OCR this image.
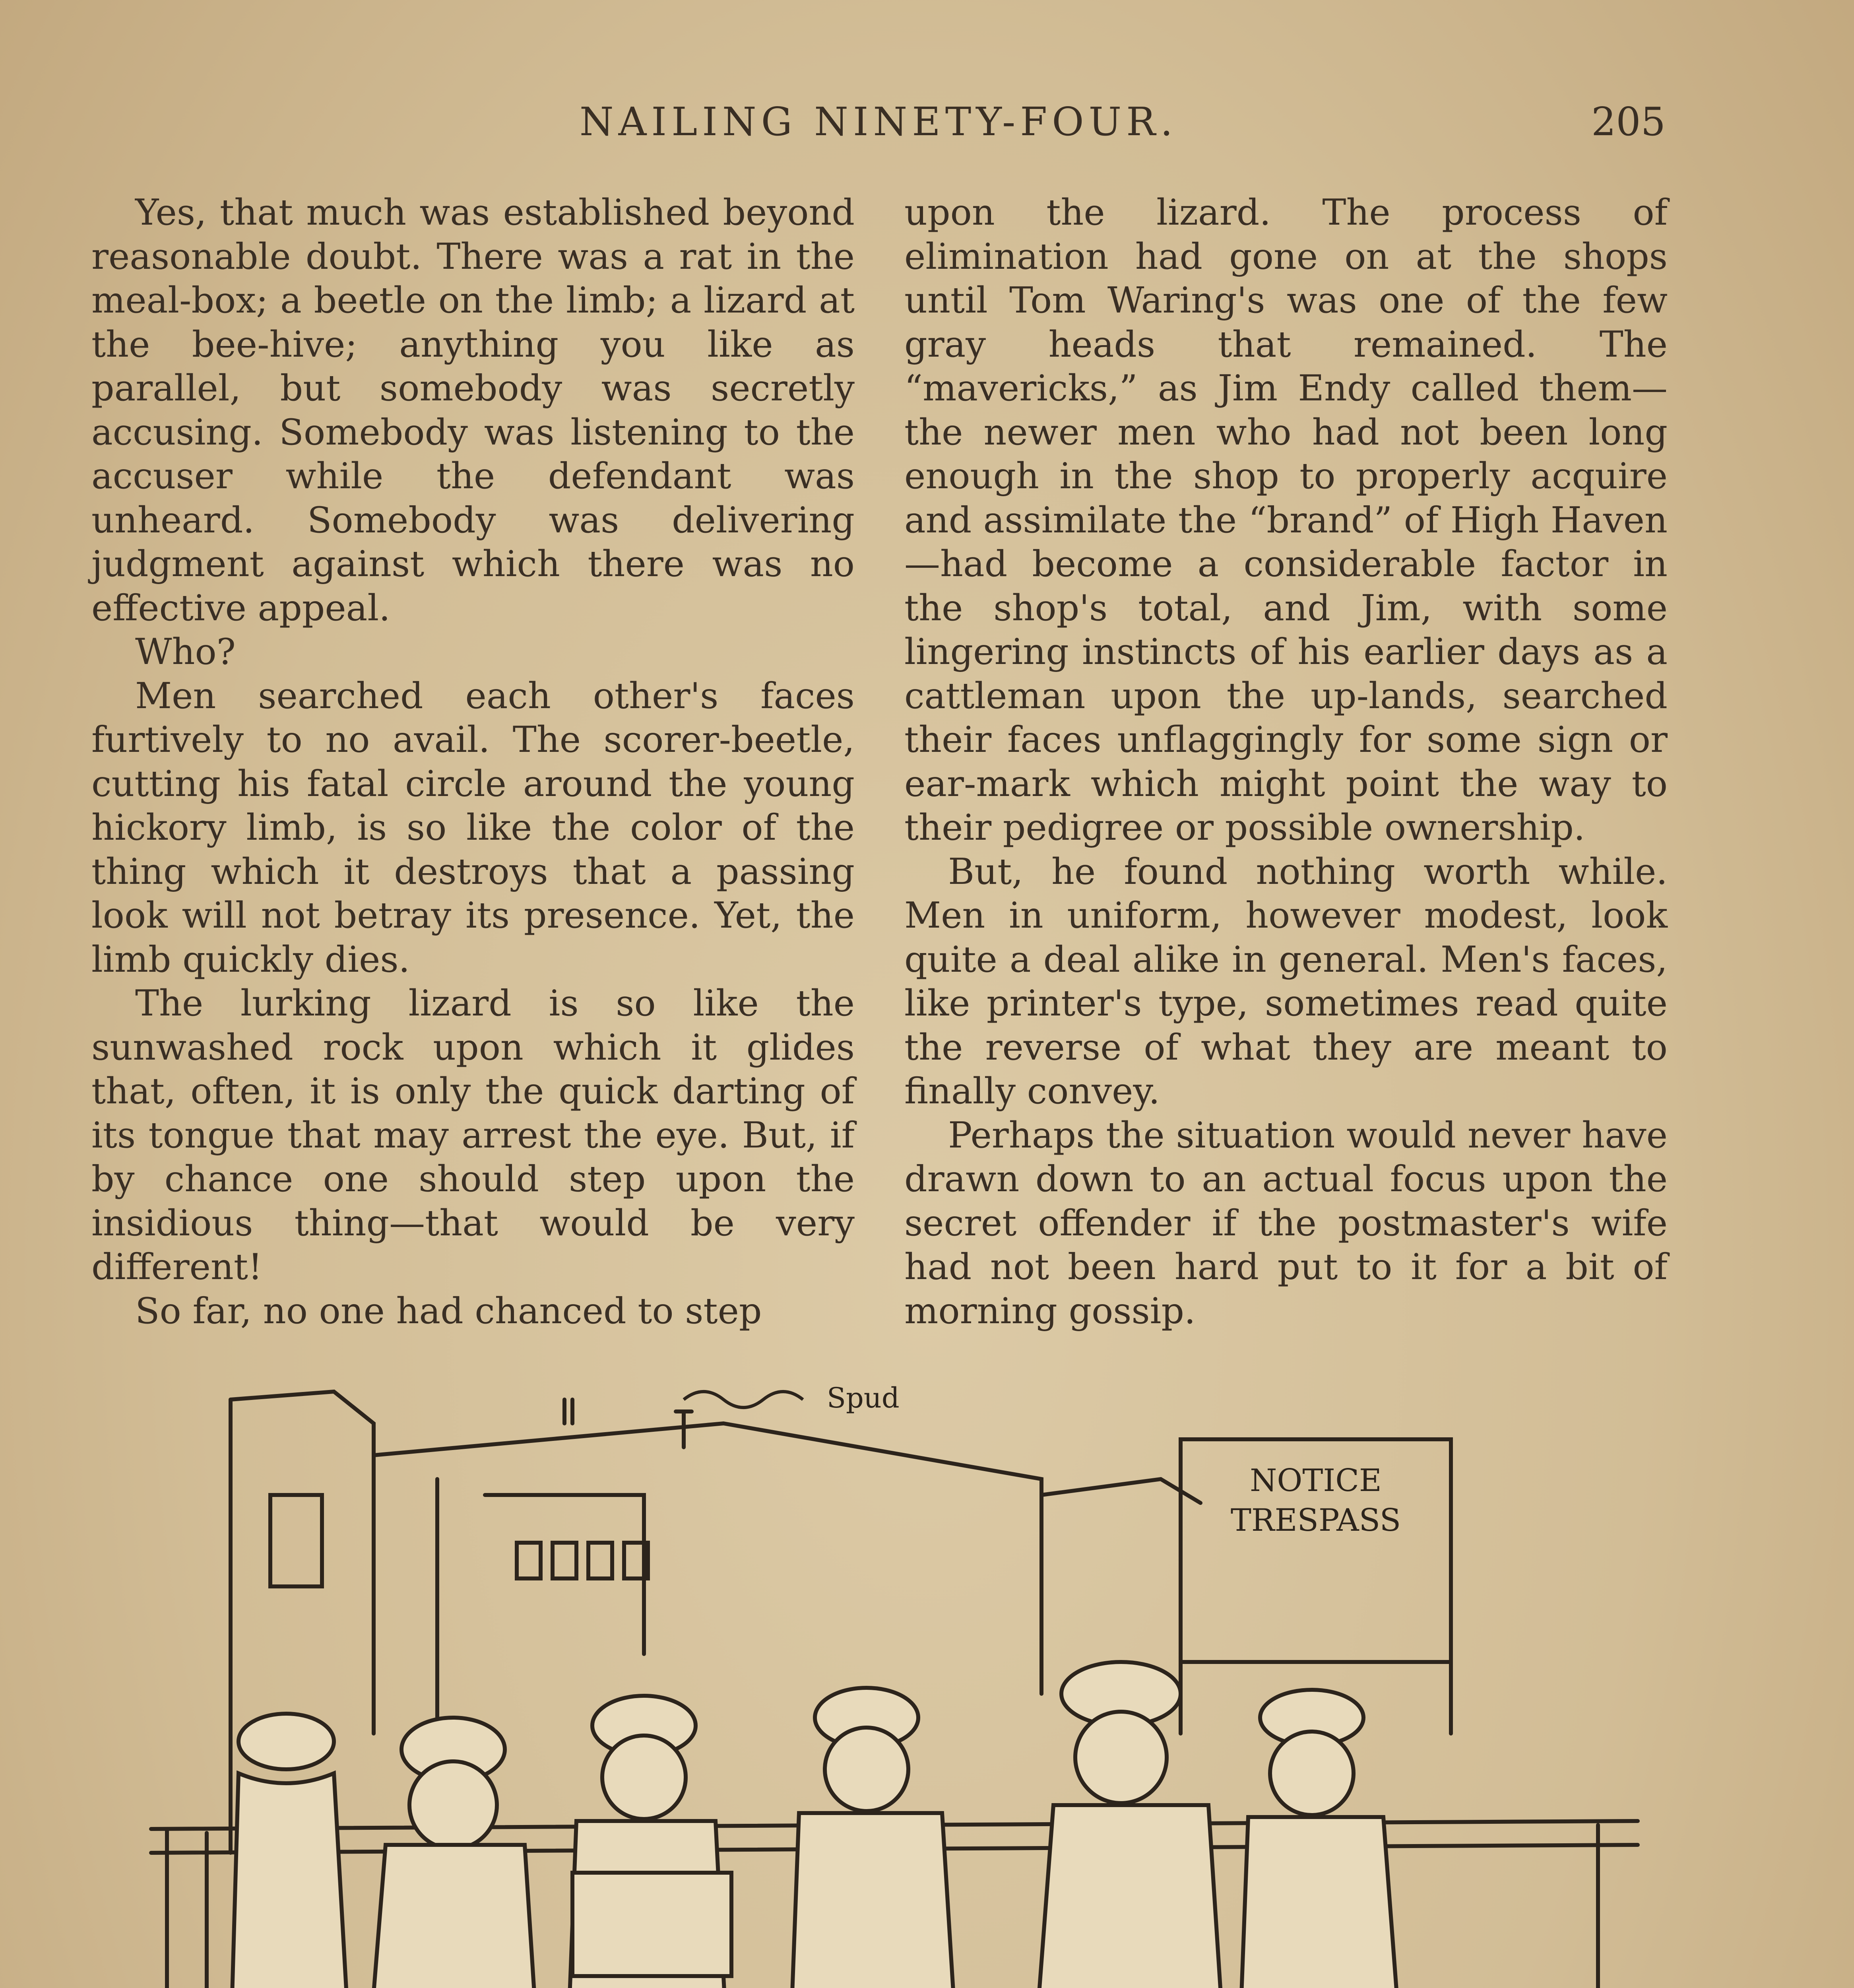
NAILING NINETY-FOUR.	205

Yes, that much was established beyond reasonable doubt. There was a rat in the meal-box; a beetle on the limb; a lizard at the bee-hive; anything you like as parallel, but somebody was secretly accusing. Somebody was listening to the accuser while the defendant was unheard. Somebody was delivering judgment against which there was no effective appeal.

Who?

Men searched each other's faces furtively to no avail. The scorer-beetle, cutting his fatal circle around the young hickory limb, is so like the color of the thing which it destroys that a passing look will not betray its presence. Yet, the limb quickly dies.

The lurking lizard is so like the sunwashed rock upon which it glides that, often, it is only the quick darting of its tongue that may arrest the eye. But, if by chance one should step upon the insidious thing—that would be very different!

So far, no one had chanced to step

upon the lizard. The process of elimination had gone on at the shops until Tom Waring's was one of the few gray heads that remained. The “mavericks,” as Jim Endy called them—the newer men who had not been long enough in the shop to properly acquire and assimilate the “brand” of High Haven—had become a considerable factor in the shop's total, and Jim, with some lingering instincts of his earlier days as a cattleman upon the up-lands, searched their faces unflaggingly for some sign or ear-mark which might point the way to their pedigree or possible ownership.

But, he found nothing worth while. Men in uniform, however modest, look quite a deal alike in general. Men's faces, like printer's type, sometimes read quite the reverse of what they are meant to finally convey.

Perhaps the situation would never have drawn down to an actual focus upon the secret offender if the postmaster's wife had not been hard put to it for a bit of morning gossip.

Spud
NOTICE
TRESPASS
